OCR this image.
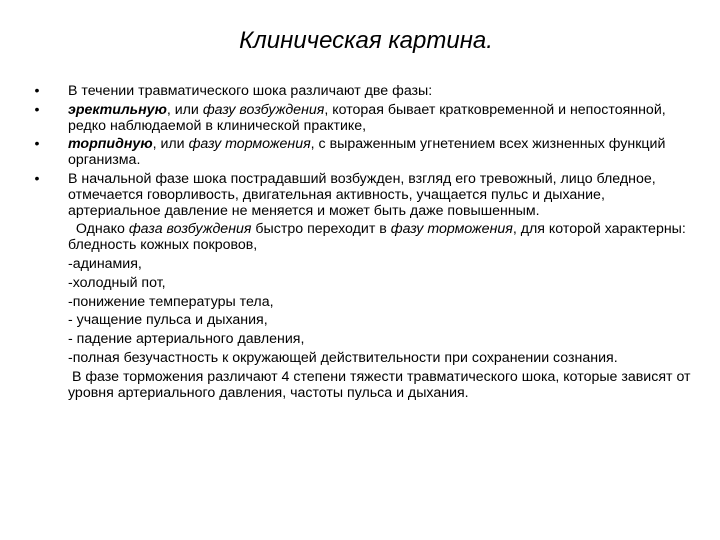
Клиническая картина.
• В течении травматического шока различают две фазы:
• эректильную, или фазу возбуждения, которая бывает кратковременной и непостоянной, редко наблюдаемой в клинической практике,
• торпидную, или фазу торможения, с выраженным угнетением всех жизненных функций организма.
• В начальной фазе шока пострадавший возбужден, взгляд его тревожный, лицо бледное, отмечается говорливость, двигательная активность, учащается пульс и дыхание, артериальное давление не меняется и может быть даже повышенным.

Однако фаза возбуждения быстро переходит в фазу торможения, для которой характерны: бледность кожных покровов,

-адинамия,

-холодный пот,

-понижение температуры тела,

- учащение пульса и дыхания,

- падение артериального давления,

-полная безучастность к окружающей действительности при сохранении сознания.

В фазе торможения различают 4 степени тяжести травматического шока, которые зависят от уровня артериального давления, частоты пульса и дыхания.
